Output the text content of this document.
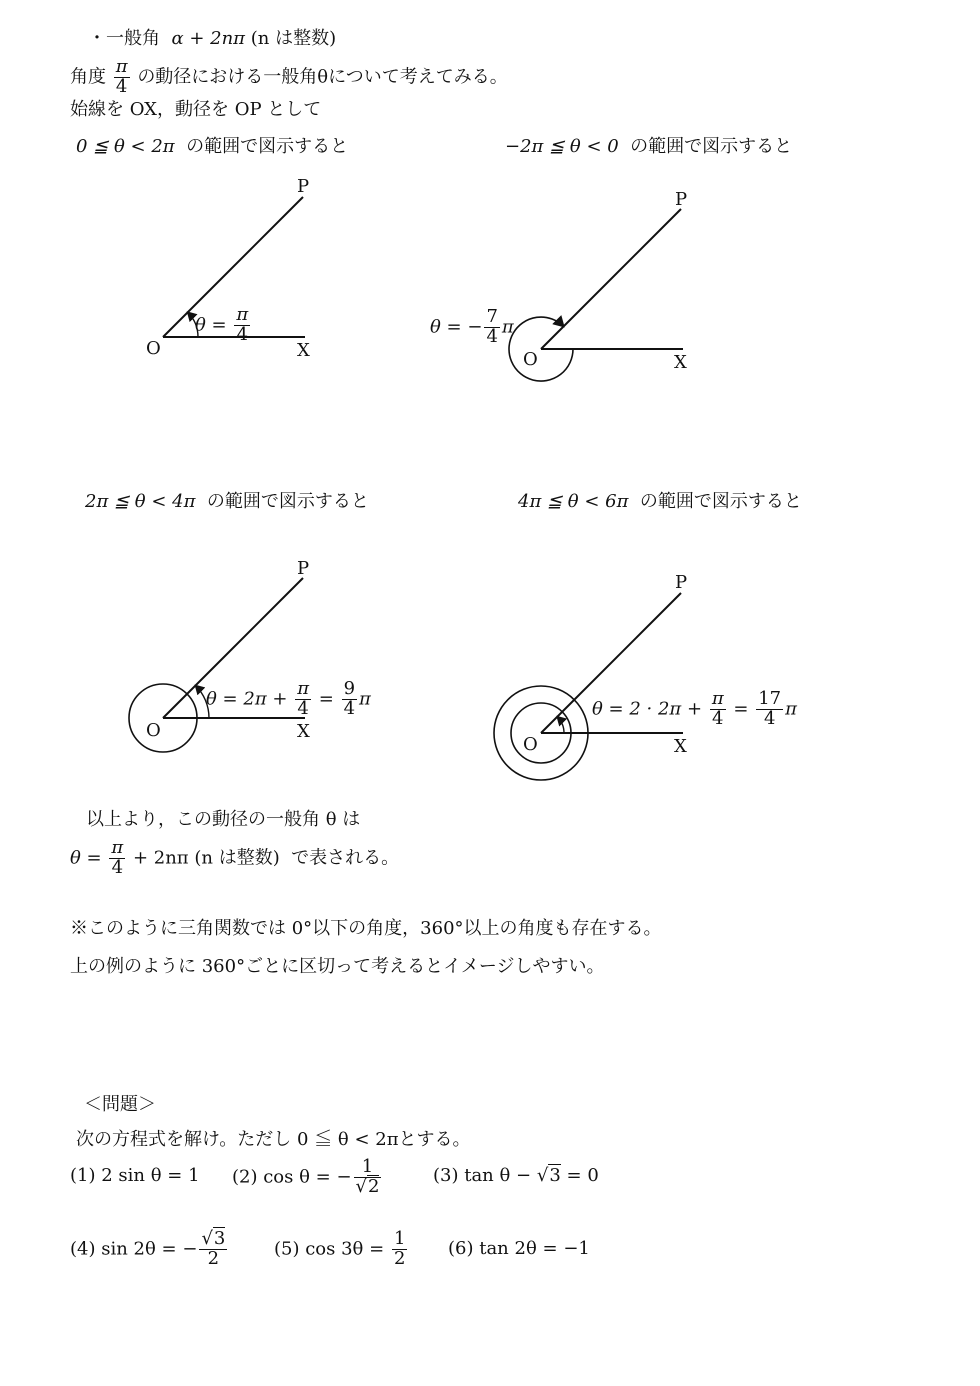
・一般角 α + 2nπ (n は整数)
角度 $\frac{\pi}{4}$ の動径における一般角θについて考えてみる。
始線を OX，動径を OP として
0 ≦ θ < 2π の範囲で図示すると	−2π ≦ θ < 0 の範囲で図示すると
2π ≦ θ < 4π の範囲で図示すると	4π ≦ θ < 6π の範囲で図示すると
O	X
P
O	X
P
O	X
P
O	X
P
$\theta = \frac{\pi}{4}$	θ = − $\frac{7}{4}$ π
$\theta = 2\pi + \frac{\pi}{4} = \frac{9}{4}$ π	$\theta = 2 \cdot 2\pi + \frac{\pi}{4} = \frac{17}{4}$ π
以上より，この動径の一般角 θ は
$\theta = \frac{\pi}{4} + 2n\pi$ (n は整数) で表される。
※このように三角関数では 0°以下の角度，360°以上の角度も存在する。
上の例のように 360°ごとに区切って考えるとイメージしやすい。
＜問題＞
次の方程式を解け。ただし 0 ≦ θ < 2πとする。
(1) 2 sin θ = 1 (2) cos θ = − $\frac{1}{√2}$	(3) tan θ − √3 = 0
(4) sin 2θ = − $\frac{√3}{2}$	(5) $\cos 3\theta = \frac{1}{2} (6)$ tan 2θ = −1
